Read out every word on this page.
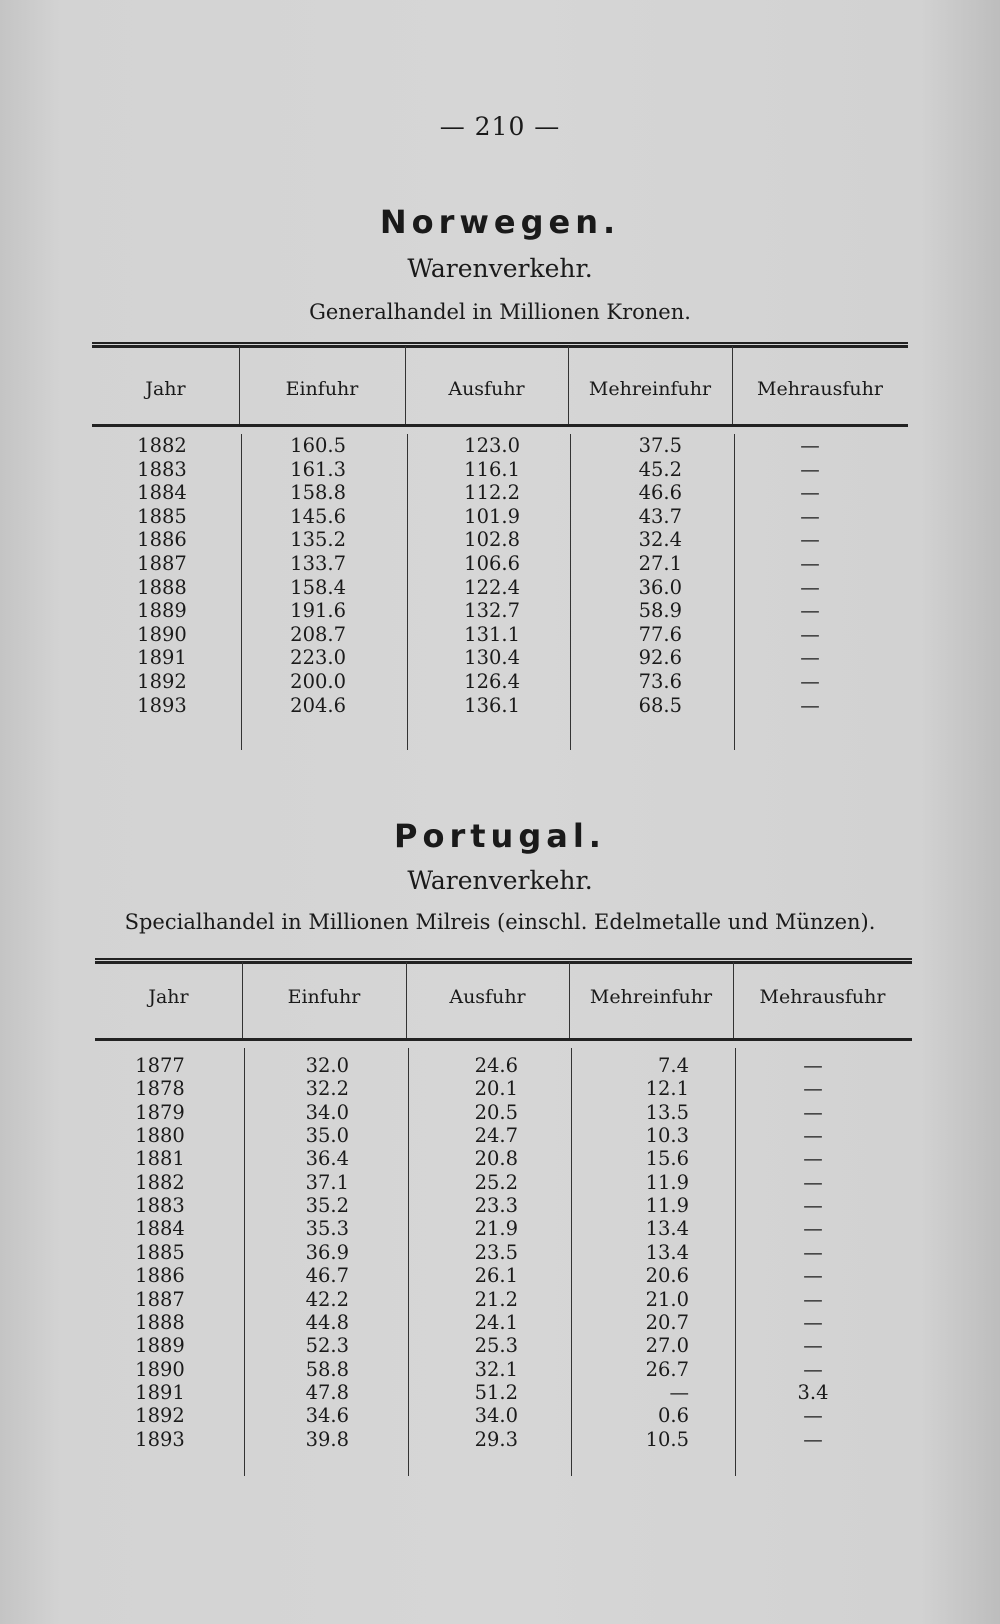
— 210 —
Norwegen.
Warenverkehr.
Generalhandel in Millionen Kronen.
Jahr	Einfuhr	Ausfuhr	Mehreinfuhr	Mehrausfuhr
1882	160.5	123.0	37.5	—
1883	161.3	116.1	45.2	—
1884	158.8	112.2	46.6	—
1885	145.6	101.9	43.7	—
1886	135.2	102.8	32.4	—
1887	133.7	106.6	27.1	—
1888	158.4	122.4	36.0	—
1889	191.6	132.7	58.9	—
1890	208.7	131.1	77.6	—
1891	223.0	130.4	92.6	—
1892	200.0	126.4	73.6	—
1893	204.6	136.1	68.5	—
Portugal.
Warenverkehr.
Specialhandel in Millionen Milreis (einschl. Edelmetalle und Münzen).
Jahr	Einfuhr	Ausfuhr	Mehreinfuhr	Mehrausfuhr
1877	32.0	24.6	7.4	—
1878	32.2	20.1	12.1	—
1879	34.0	20.5	13.5	—
1880	35.0	24.7	10.3	—
1881	36.4	20.8	15.6	—
1882	37.1	25.2	11.9	—
1883	35.2	23.3	11.9	—
1884	35.3	21.9	13.4	—
1885	36.9	23.5	13.4	—
1886	46.7	26.1	20.6	—
1887	42.2	21.2	21.0	—
1888	44.8	24.1	20.7	—
1889	52.3	25.3	27.0	—
1890	58.8	32.1	26.7	—
1891	47.8	51.2	—	3.4
1892	34.6	34.0	0.6	—
1893	39.8	29.3	10.5	—
